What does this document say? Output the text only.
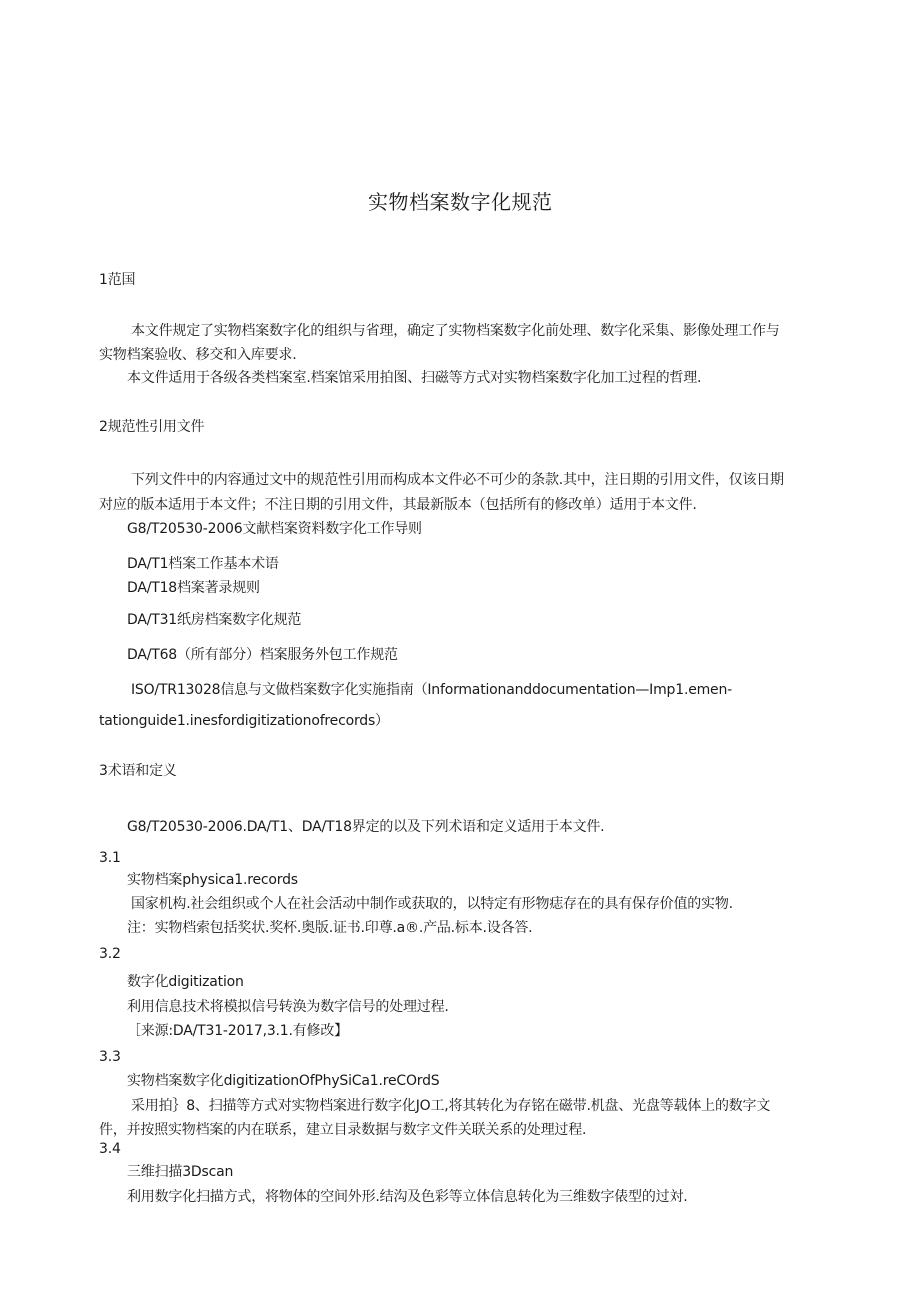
实物档案数字化规范
1范国
本文件规定了实物档案数字化的组织与省理，确定了实物档案数字化前处理、数字化采集、影像处理工作与
实物档案验收、移交和入库要求.
本文件适用于各级各类档案室.档案馆采用拍图、扫磁等方式对实物档案数字化加工过程的哲理.
2规范性引用文件
下列文件中的内容通过文中的规范性引用而构成本文件必不可少的条款.其中，注日期的引用文件，仅该日期
对应的版本适用于本文件；不注日期的引用文件，其最新版本（包括所有的修改单）适用于本文件.
G8/T20530-2006文献档案资料数字化工作导则
DA/T1档案工作基本术语
DA/T18档案著录规则
DA/T31纸房档案数字化规范
DA/T68（所有部分）档案服务外包工作规范
ISO/TR13028信息与文做档案数字化实施指南（Informationanddocumentation—Imp1.emen-
tationguide1.inesfordigitizationofrecords）
3术语和定义
G8/T20530-2006.DA/T1、DA/T18界定的以及下列术语和定义适用于本文件.
3.1
实物档案physica1.records
国家机构.社会组织或个人在社会活动中制作或获取的，以特定有形物痣存在的具有保存价值的实物.
注：实物档索包括奖状.奖杯.奥版.证书.印尊.a®.产品.标本.设各答.
3.2
数字化digitization
利用信息技术将模拟信号转涣为数字信号的处理过程.
［来源:DA/T31-2017,3.1.有修改】
3.3
实物档案数字化digitizationOfPhySiCa1.reCOrdS
采用拍｝8、扫描等方式对实物档案进行数字化JO工,将其转化为存铭在磁带.机盘、光盘等载体上的数字文
件，并按照实物档案的内在联系，建立目录数据与数字文件关联关系的处理过程.
3.4
三维扫描3Dscan
利用数字化扫描方式，将物体的空间外形.结沟及色彩等立体信息转化为三维数字俵型的过対.
